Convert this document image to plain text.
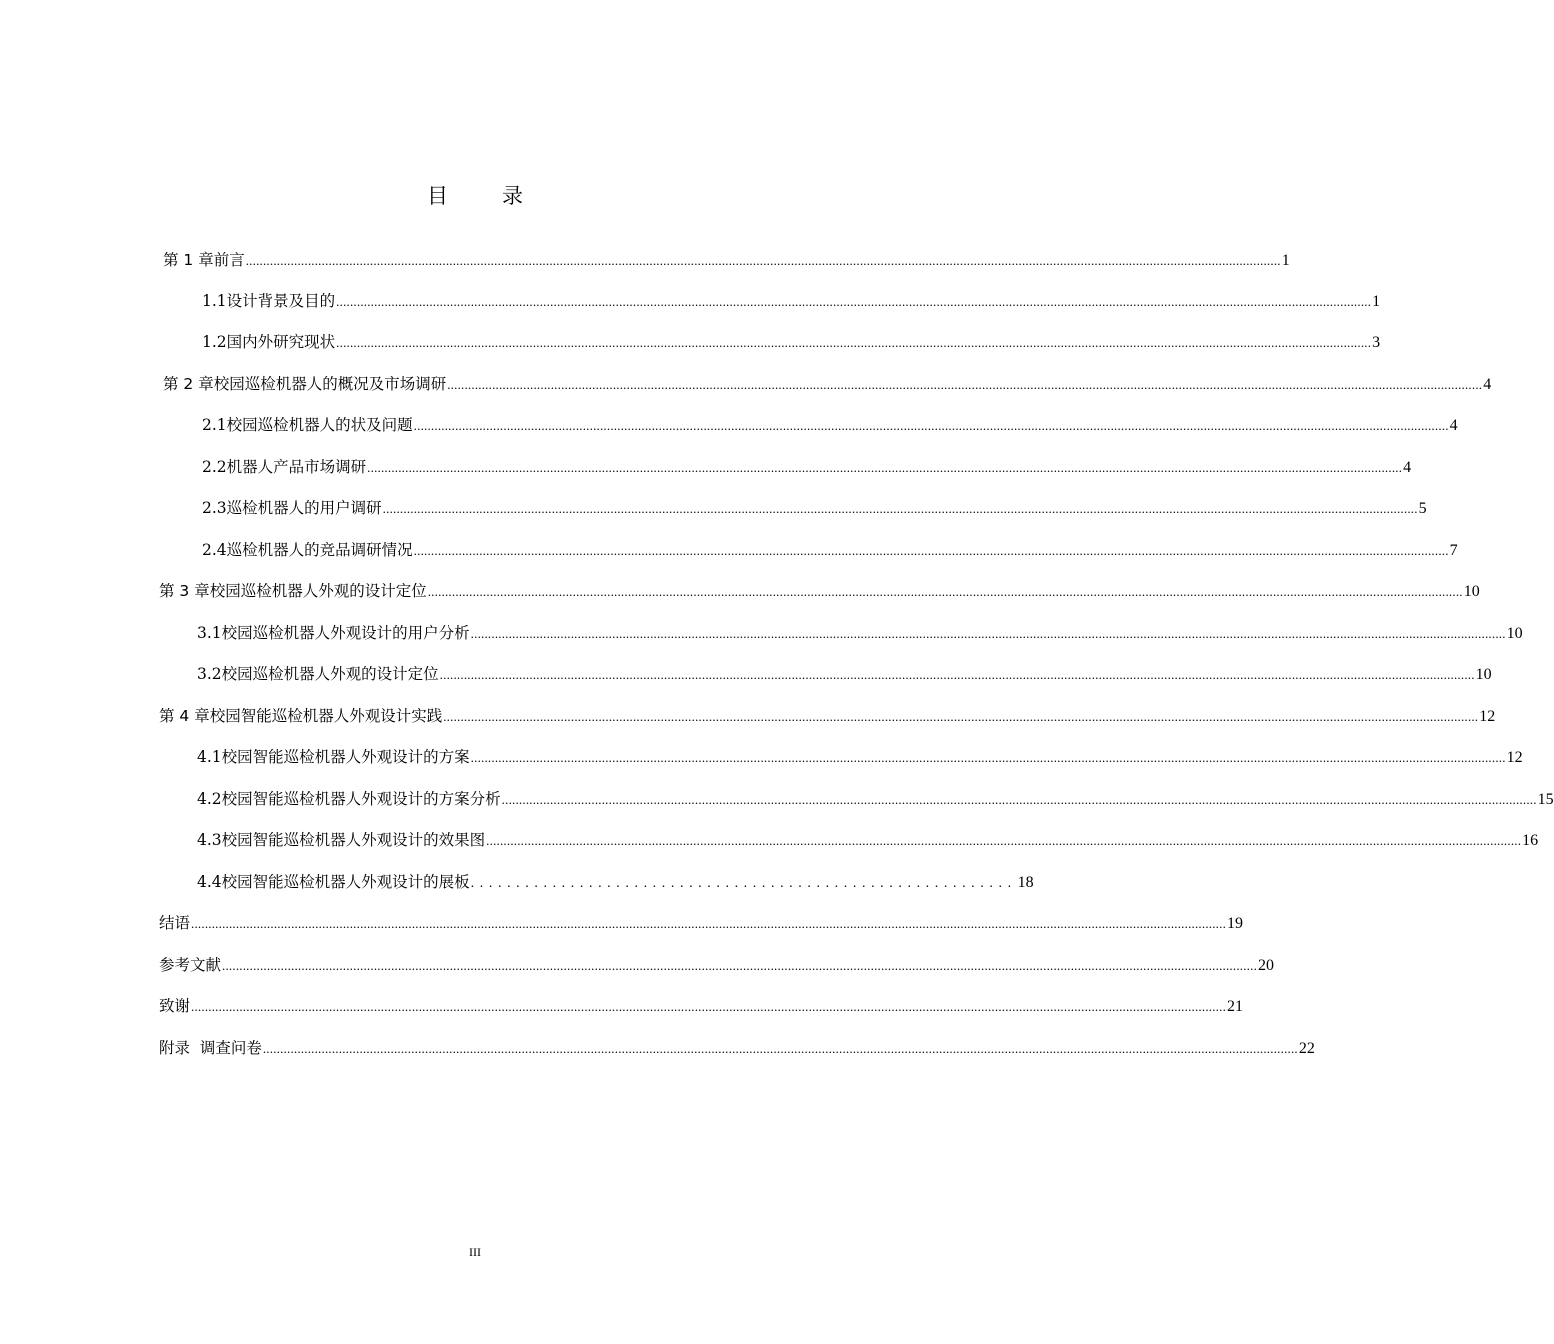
目 录
第 1 章 前言 ............................................................................................................................................................................................................................................................................................................ 1
1.1 设计背景及目的 ............................................................................................................................................................................................................................................................................................................ 1
1.2 国内外研究现状 ............................................................................................................................................................................................................................................................................................................ 3
第 2 章 校园巡检机器人的概况及市场调研 ............................................................................................................................................................................................................................................................................................................ 4
2.1 校园巡检机器人的状及问题 ............................................................................................................................................................................................................................................................................................................ 4
2.2 机器人产品市场调研 ............................................................................................................................................................................................................................................................................................................ 4
2.3 巡检机器人的用户调研 ............................................................................................................................................................................................................................................................................................................ 5
2.4 巡检机器人的竞品调研情况 ............................................................................................................................................................................................................................................................................................................ 7
第 3 章 校园巡检机器人外观的设计定位 ............................................................................................................................................................................................................................................................................................................ 10
3.1 校园巡检机器人外观设计的用户分析 ............................................................................................................................................................................................................................................................................................................ 10
3.2 校园巡检机器人外观的设计定位 ............................................................................................................................................................................................................................................................................................................ 10
第 4 章 校园智能巡检机器人外观设计实践 ............................................................................................................................................................................................................................................................................................................ 12
4.1 校园智能巡检机器人外观设计的方案 ............................................................................................................................................................................................................................................................................................................ 12
4.2 校园智能巡检机器人外观设计的方案分析 ............................................................................................................................................................................................................................................................................................................ 15
4.3 校园智能巡检机器人外观设计的效果图 ............................................................................................................................................................................................................................................................................................................ 16
4.4 校园智能巡检机器人外观设计的展板 ............................................................ 18
结语 ............................................................................................................................................................................................................................................................................................................ 19
参考文献 ............................................................................................................................................................................................................................................................................................................ 20
致谢 ............................................................................................................................................................................................................................................................................................................ 21
附录  调查问卷 ............................................................................................................................................................................................................................................................................................................ 22
III
